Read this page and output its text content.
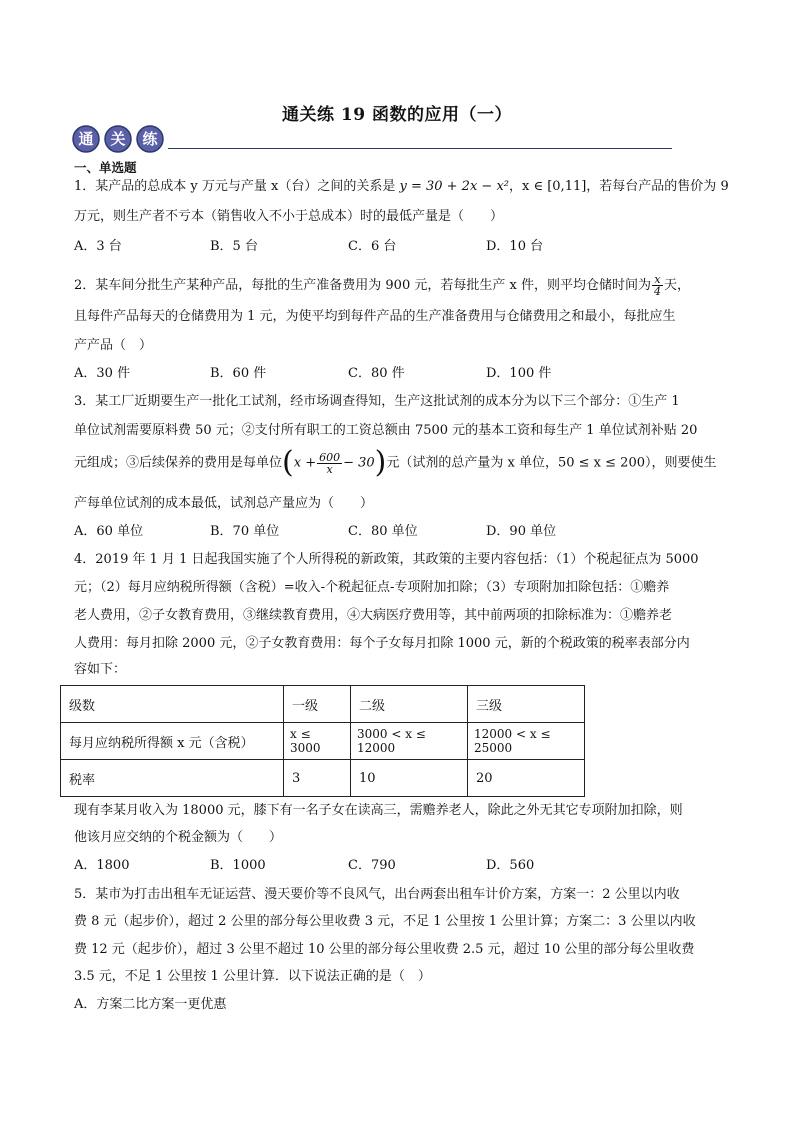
通关练 19 函数的应用（一）
通 关 练
一、单选题
1．某产品的总成本 y 万元与产量 x（台）之间的关系是 y = 30 + 2x − x²，x ∈ [0,11]，若每台产品的售价为 9
万元，则生产者不亏本（销售收入不小于总成本）时的最低产量是（　　）
A．3 台	B．5 台	C．6 台	D．10 台
2．某车间分批生产某种产品，每批的生产准备费用为 900 元，若每批生产 x 件，则平均仓储时间为 $\frac{x}{4}$ 天，
且每件产品每天的仓储费用为 1 元，为使平均到每件产品的生产准备费用与仓储费用之和最小，每批应生
产产品（　）
A．30 件	B．60 件	C．80 件	D．100 件
3．某工厂近期要生产一批化工试剂，经市场调查得知，生产这批试剂的成本分为以下三个部分：①生产 1
单位试剂需要原料费 50 元；②支付所有职工的工资总额由 7500 元的基本工资和每生产 1 单位试剂补贴 20
元组成；③后续保养的费用是每单位$(x + \frac{600}{x} - 30)$元（试剂的总产量为 x 单位，50 ≤ x ≤ 200），则要使生
产每单位试剂的成本最低，试剂总产量应为（　　）
A．60 单位	B．70 单位	C．80 单位	D．90 单位
4．2019 年 1 月 1 日起我国实施了个人所得税的新政策，其政策的主要内容包括：（1）个税起征点为 5000
元；（2）每月应纳税所得额（含税）=收入-个税起征点-专项附加扣除；（3）专项附加扣除包括：①赡养
老人费用，②子女教育费用，③继续教育费用，④大病医疗费用等，其中前两项的扣除标准为：①赡养老
人费用：每月扣除 2000 元，②子女教育费用：每个子女每月扣除 1000 元，新的个税政策的税率表部分内
容如下：
级数	一级	二级	三级
每月应纳税所得额 x 元（含税）	x ≤ 3000	3000 < x ≤ 12000	12000 < x ≤ 25000
税率	3	10	20
现有李某月收入为 18000 元，膝下有一名子女在读高三，需赡养老人，除此之外无其它专项附加扣除，则
他该月应交纳的个税金额为（　　）
A．1800	B．1000	C．790	D．560
5．某市为打击出租车无证运营、漫天要价等不良风气，出台两套出租车计价方案，方案一：2 公里以内收
费 8 元（起步价），超过 2 公里的部分每公里收费 3 元，不足 1 公里按 1 公里计算；方案二：3 公里以内收
费 12 元（起步价），超过 3 公里不超过 10 公里的部分每公里收费 2.5 元，超过 10 公里的部分每公里收费
3.5 元，不足 1 公里按 1 公里计算．以下说法正确的是（　）
A．方案二比方案一更优惠
